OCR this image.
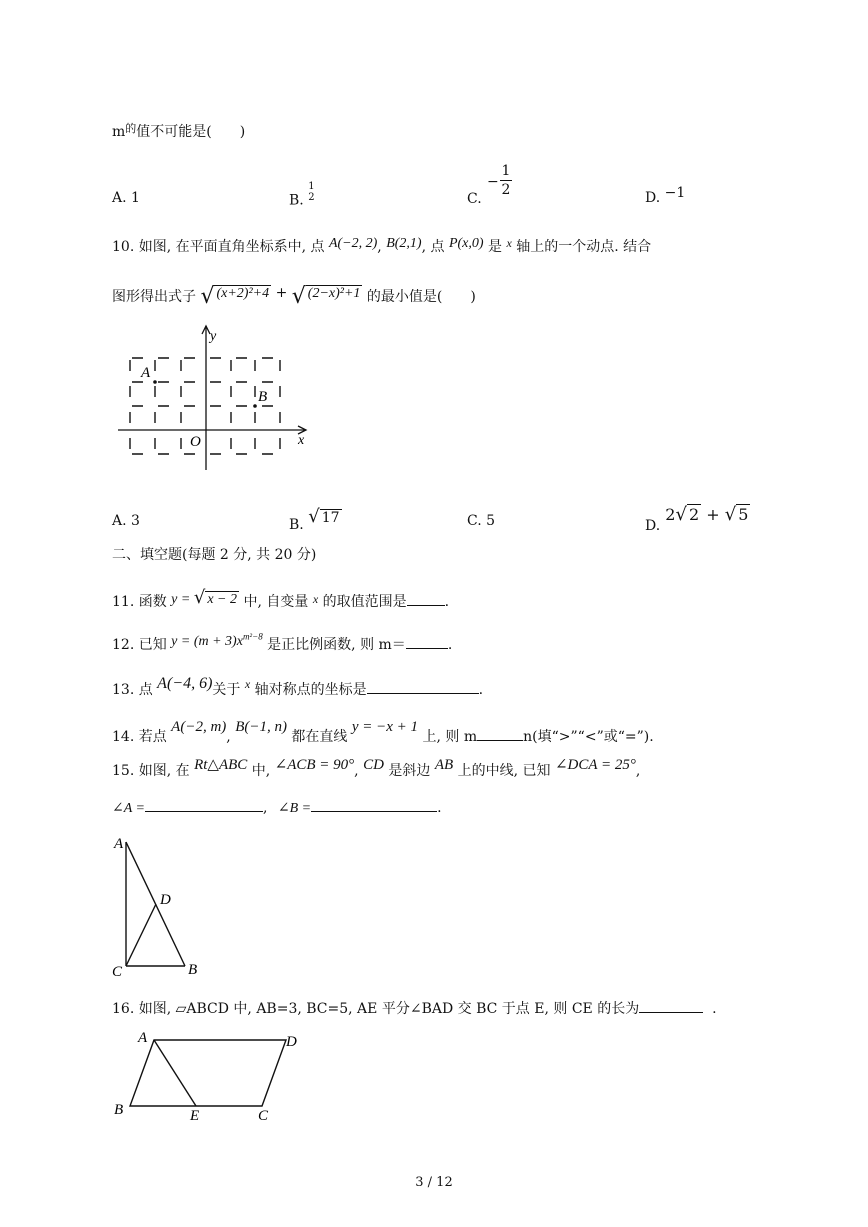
$m^的$值不可能是(  )
A. 1	B. $\frac{1}{2}$	C.
− $\frac{1}{2}$	D. −1
10. 如图, 在平面直角坐标系中, 点 A(−2, 2), B(2,1), 点 P(x,0) 是 x 轴上的一个动点. 结合
图形得出式子 √ (x+2)²+4 + √ (2−x)²+1 的最小值是(  )
y
x
O
A
B
A. 3	B. √ 17	C. 5	D. 2√ 2 + √ 5
二、填空题(每题 2 分, 共 20 分)
11. 函数 y = √ x − 2 中, 自变量 x 的取值范围是	.
12. 已知 $y = (m + 3)x^{m^2-8}$ 是正比例函数, 则 m＝	.
13. 点 A(−4, 6)关于 x 轴对称点的坐标是	.
14. 若点 A(−2, m), B(−1, n) 都在直线 y = −x + 1 上, 则 m	n(填“>”“<”或“=”).
15. 如图, 在 Rt△ABC 中, ∠ACB = 90°, CD 是斜边 AB 上的中线, 已知 ∠DCA = 25°,
∠A =	, ∠B =	.
A
D
C	B
16. 如图, ▱ABCD 中, AB=3, BC=5, AE 平分∠BAD 交 BC 于点 E, 则 CE 的长为	.
A	D
B	E	C
3 / 12
